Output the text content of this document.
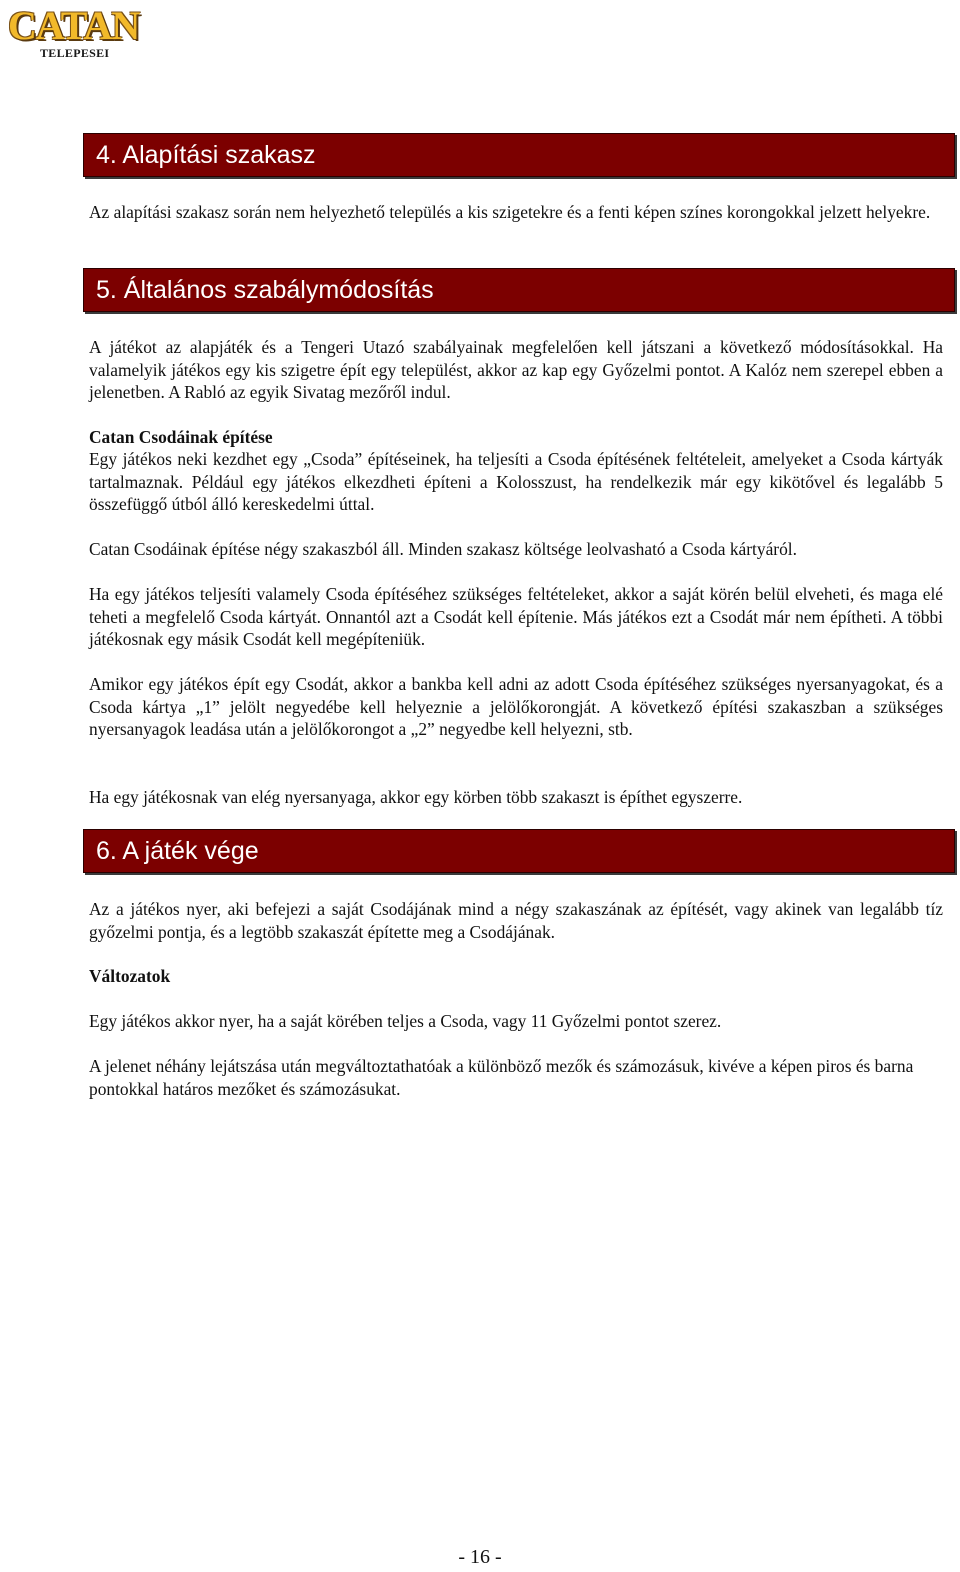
CATAN
TELEPESEI
4. Alapítási szakasz

Az alapítási szakasz során nem helyezhető település a kis szigetekre és a fenti képen színes korongokkal jelzett helyekre.

5. Általános szabálymódosítás

A játékot az alapjáték és a Tengeri Utazó szabályainak megfelelően kell játszani a következő módosításokkal. Ha valamelyik játékos egy kis szigetre épít egy települést, akkor az kap egy Győzelmi pontot. A Kalóz nem szerepel ebben a jelenetben. A Rabló az egyik Sivatag mezőről indul.

Catan Csodáinak építése

Egy játékos neki kezdhet egy „Csoda” építéseinek, ha teljesíti a Csoda építésének feltételeit, amelyeket a Csoda kártyák tartalmaznak. Például egy játékos elkezdheti építeni a Kolosszust, ha rendelkezik már egy kikötővel és legalább 5 összefüggő útból álló kereskedelmi úttal.

Catan Csodáinak építése négy szakaszból áll. Minden szakasz költsége leolvasható a Csoda kártyáról.

Ha egy játékos teljesíti valamely Csoda építéséhez szükséges feltételeket, akkor a saját körén belül elveheti, és maga elé teheti a megfelelő Csoda kártyát. Onnantól azt a Csodát kell építenie. Más játékos ezt a Csodát már nem építheti. A többi játékosnak egy másik Csodát kell megépíteniük.

Amikor egy játékos épít egy Csodát, akkor a bankba kell adni az adott Csoda építéséhez szükséges nyersanyagokat, és a Csoda kártya „1” jelölt negyedébe kell helyeznie a jelölőkorongját. A következő építési szakaszban a szükséges nyersanyagok leadása után a jelölőkorongot a „2” negyedbe kell helyezni, stb.

Ha egy játékosnak van elég nyersanyaga, akkor egy körben több szakaszt is építhet egyszerre.

6. A játék vége

Az a játékos nyer, aki befejezi a saját Csodájának mind a négy szakaszának az építését, vagy akinek van legalább tíz győzelmi pontja, és a legtöbb szakaszát építette meg a Csodájának.

Változatok

Egy játékos akkor nyer, ha a saját körében teljes a Csoda, vagy 11 Győzelmi pontot szerez.

A jelenet néhány lejátszása után megváltoztathatóak a különböző mezők és számozásuk, kivéve a képen piros és barna pontokkal határos mezőket és számozásukat.

- 16 -
